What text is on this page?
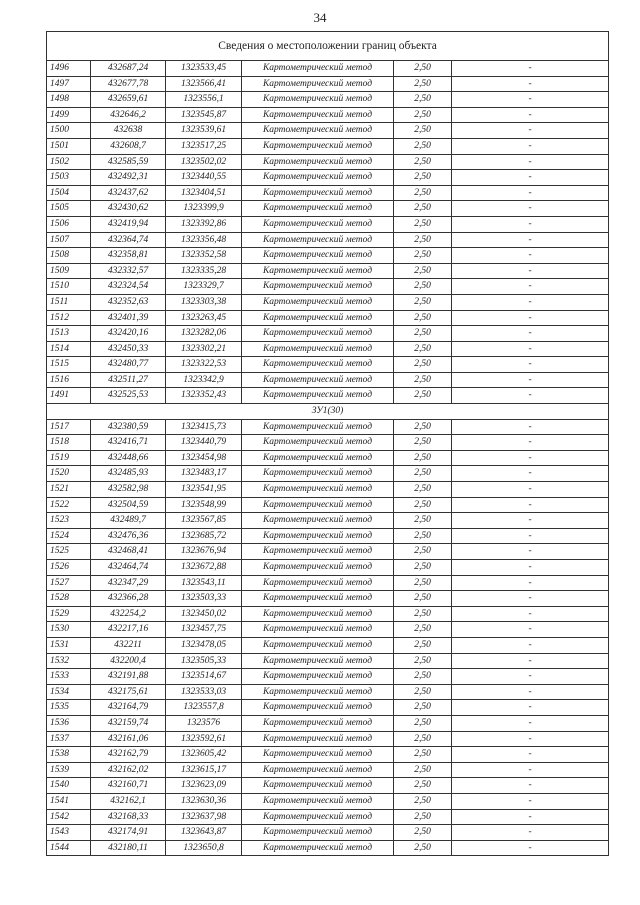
34
Сведения о местоположении границ объекта					
1496	432687,24	1323533,45	Картометрический метод	2,50	-
1497	432677,78	1323566,41	Картометрический метод	2,50	-
1498	432659,61	1323556,1	Картометрический метод	2,50	-
1499	432646,2	1323545,87	Картометрический метод	2,50	-
1500	432638	1323539,61	Картометрический метод	2,50	-
1501	432608,7	1323517,25	Картометрический метод	2,50	-
1502	432585,59	1323502,02	Картометрический метод	2,50	-
1503	432492,31	1323440,55	Картометрический метод	2,50	-
1504	432437,62	1323404,51	Картометрический метод	2,50	-
1505	432430,62	1323399,9	Картометрический метод	2,50	-
1506	432419,94	1323392,86	Картометрический метод	2,50	-
1507	432364,74	1323356,48	Картометрический метод	2,50	-
1508	432358,81	1323352,58	Картометрический метод	2,50	-
1509	432332,57	1323335,28	Картометрический метод	2,50	-
1510	432324,54	1323329,7	Картометрический метод	2,50	-
1511	432352,63	1323303,38	Картометрический метод	2,50	-
1512	432401,39	1323263,45	Картометрический метод	2,50	-
1513	432420,16	1323282,06	Картометрический метод	2,50	-
1514	432450,33	1323302,21	Картометрический метод	2,50	-
1515	432480,77	1323322,53	Картометрический метод	2,50	-
1516	432511,27	1323342,9	Картометрический метод	2,50	-
1491	432525,53	1323352,43	Картометрический метод	2,50	-
ЗУ1(30)					
1517	432380,59	1323415,73	Картометрический метод	2,50	-
1518	432416,71	1323440,79	Картометрический метод	2,50	-
1519	432448,66	1323454,98	Картометрический метод	2,50	-
1520	432485,93	1323483,17	Картометрический метод	2,50	-
1521	432582,98	1323541,95	Картометрический метод	2,50	-
1522	432504,59	1323548,99	Картометрический метод	2,50	-
1523	432489,7	1323567,85	Картометрический метод	2,50	-
1524	432476,36	1323685,72	Картометрический метод	2,50	-
1525	432468,41	1323676,94	Картометрический метод	2,50	-
1526	432464,74	1323672,88	Картометрический метод	2,50	-
1527	432347,29	1323543,11	Картометрический метод	2,50	-
1528	432366,28	1323503,33	Картометрический метод	2,50	-
1529	432254,2	1323450,02	Картометрический метод	2,50	-
1530	432217,16	1323457,75	Картометрический метод	2,50	-
1531	432211	1323478,05	Картометрический метод	2,50	-
1532	432200,4	1323505,33	Картометрический метод	2,50	-
1533	432191,88	1323514,67	Картометрический метод	2,50	-
1534	432175,61	1323533,03	Картометрический метод	2,50	-
1535	432164,79	1323557,8	Картометрический метод	2,50	-
1536	432159,74	1323576	Картометрический метод	2,50	-
1537	432161,06	1323592,61	Картометрический метод	2,50	-
1538	432162,79	1323605,42	Картометрический метод	2,50	-
1539	432162,02	1323615,17	Картометрический метод	2,50	-
1540	432160,71	1323623,09	Картометрический метод	2,50	-
1541	432162,1	1323630,36	Картометрический метод	2,50	-
1542	432168,33	1323637,98	Картометрический метод	2,50	-
1543	432174,91	1323643,87	Картометрический метод	2,50	-
1544	432180,11	1323650,8	Картометрический метод	2,50	-
